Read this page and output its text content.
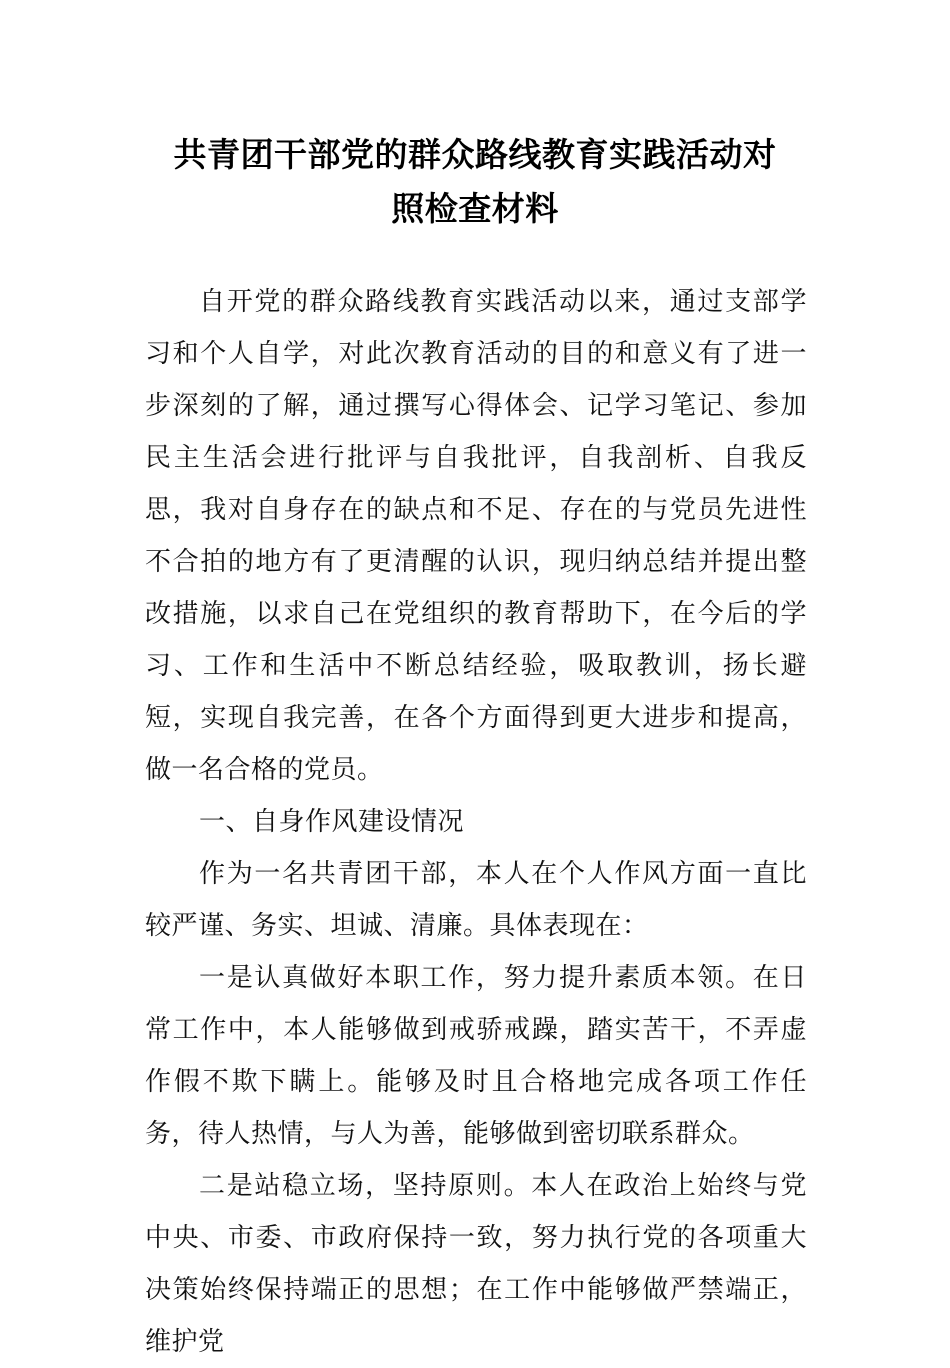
共青团干部党的群众路线教育实践活动对
照检查材料

自开党的群众路线教育实践活动以来，通过支部学习和个人自学，对此次教育活动的目的和意义有了进一步深刻的了解，通过撰写心得体会、记学习笔记、参加民主生活会进行批评与自我批评，自我剖析、自我反思，我对自身存在的缺点和不足、存在的与党员先进性不合拍的地方有了更清醒的认识，现归纳总结并提出整改措施，以求自己在党组织的教育帮助下，在今后的学习、工作和生活中不断总结经验，吸取教训，扬长避短，实现自我完善，在各个方面得到更大进步和提高，做一名合格的党员。

一、自身作风建设情况

作为一名共青团干部，本人在个人作风方面一直比较严谨、务实、坦诚、清廉。具体表现在：

一是认真做好本职工作，努力提升素质本领。在日常工作中，本人能够做到戒骄戒躁，踏实苦干，不弄虚作假不欺下瞒上。能够及时且合格地完成各项工作任务，待人热情，与人为善，能够做到密切联系群众。

二是站稳立场，坚持原则。本人在政治上始终与党中央、市委、市政府保持一致，努力执行党的各项重大决策始终保持端正的思想；在工作中能够做严禁端正，维护党
